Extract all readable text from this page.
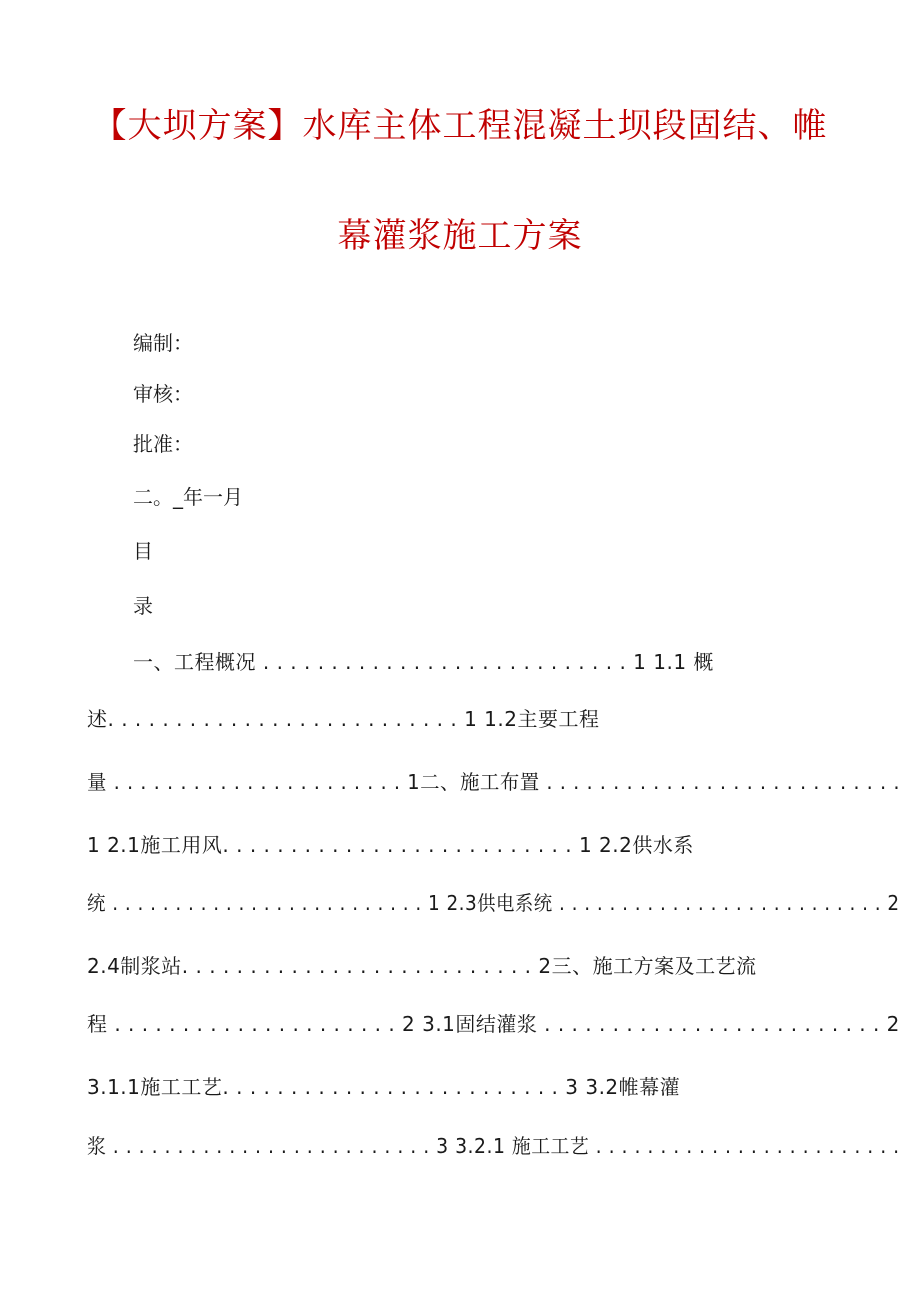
【大坝方案】水库主体工程混凝土坝段固结、帷
幕灌浆施工方案
编制：
审核：
批准：
二。_年一月
目
录
一、工程概况 . . . . . . . . . . . . . . . . . . . . . . . . . . . 1 1.1 概
述. . . . . . . . . . . . . . . . . . . . . . . . . . 1 1.2主要工程
量 . . . . . . . . . . . . . . . . . . . . . . 1二、施工布置 . . . . . . . . . . . . . . . . . . . . . . . . . . .
1 2.1施工用风. . . . . . . . . . . . . . . . . . . . . . . . . . 1 2.2供水系
统 . . . . . . . . . . . . . . . . . . . . . . . . . 1 2.3供电系统 . . . . . . . . . . . . . . . . . . . . . . . . . . 2
2.4制浆站. . . . . . . . . . . . . . . . . . . . . . . . . . 2三、施工方案及工艺流
程 . . . . . . . . . . . . . . . . . . . . . 2 3.1固结灌浆 . . . . . . . . . . . . . . . . . . . . . . . . . 2
3.1.1施工工艺. . . . . . . . . . . . . . . . . . . . . . . . . 3 3.2帷幕灌
浆 . . . . . . . . . . . . . . . . . . . . . . . . . 3 3.2.1 施工工艺 . . . . . . . . . . . . . . . . . . . . . . . .
